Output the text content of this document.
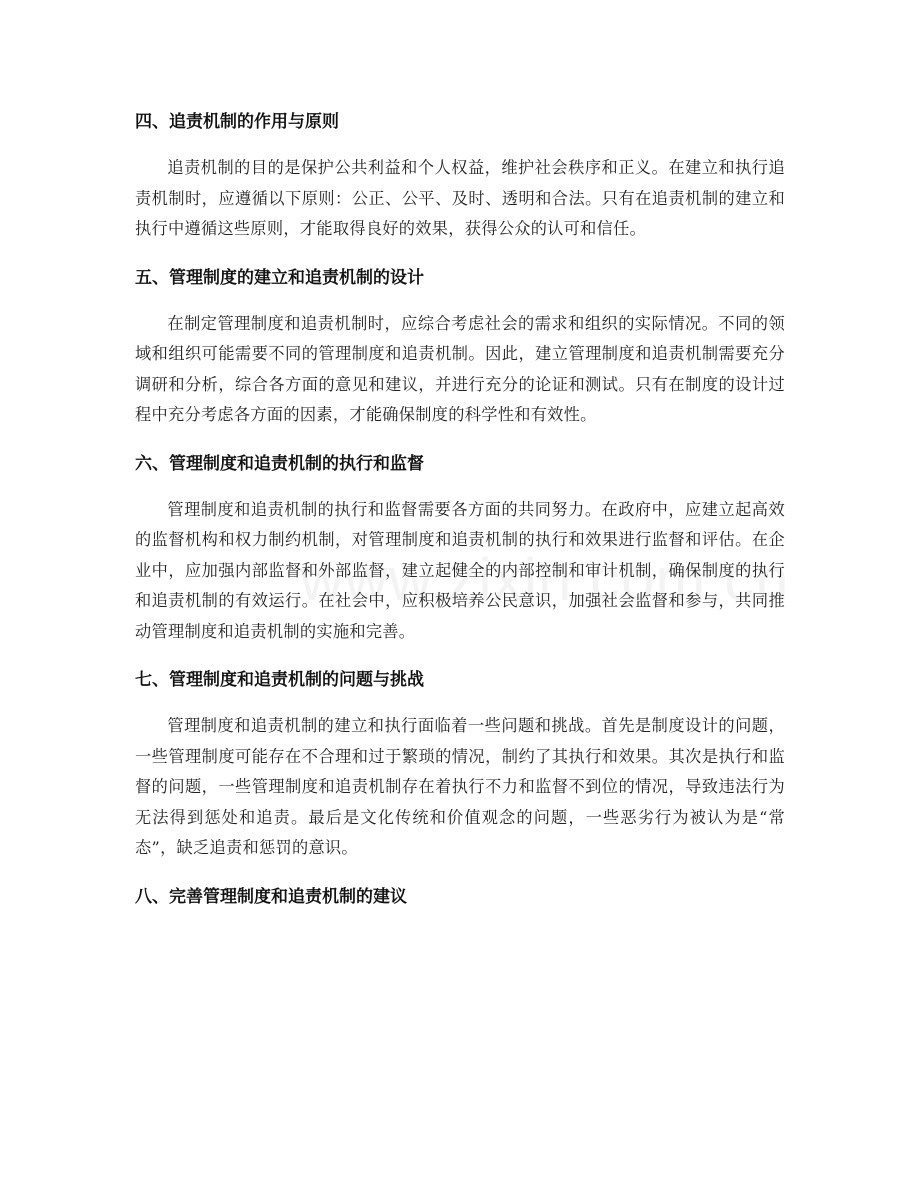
四、追责机制的作用与原则

追责机制的目的是保护公共利益和个人权益，维护社会秩序和正义。在建立和执行追责机制时，应遵循以下原则：公正、公平、及时、透明和合法。只有在追责机制的建立和执行中遵循这些原则，才能取得良好的效果，获得公众的认可和信任。

五、管理制度的建立和追责机制的设计

在制定管理制度和追责机制时，应综合考虑社会的需求和组织的实际情况。不同的领域和组织可能需要不同的管理制度和追责机制。因此，建立管理制度和追责机制需要充分调研和分析，综合各方面的意见和建议，并进行充分的论证和测试。只有在制度的设计过程中充分考虑各方面的因素，才能确保制度的科学性和有效性。

六、管理制度和追责机制的执行和监督

管理制度和追责机制的执行和监督需要各方面的共同努力。在政府中，应建立起高效的监督机构和权力制约机制，对管理制度和追责机制的执行和效果进行监督和评估。在企业中，应加强内部监督和外部监督，建立起健全的内部控制和审计机制，确保制度的执行和追责机制的有效运行。在社会中，应积极培养公民意识，加强社会监督和参与，共同推动管理制度和追责机制的实施和完善。

七、管理制度和追责机制的问题与挑战

管理制度和追责机制的建立和执行面临着一些问题和挑战。首先是制度设计的问题，一些管理制度可能存在不合理和过于繁琐的情况，制约了其执行和效果。其次是执行和监督的问题，一些管理制度和追责机制存在着执行不力和监督不到位的情况，导致违法行为无法得到惩处和追责。最后是文化传统和价值观念的问题，一些恶劣行为被认为是“常态”，缺乏追责和惩罚的意识。

八、完善管理制度和追责机制的建议
